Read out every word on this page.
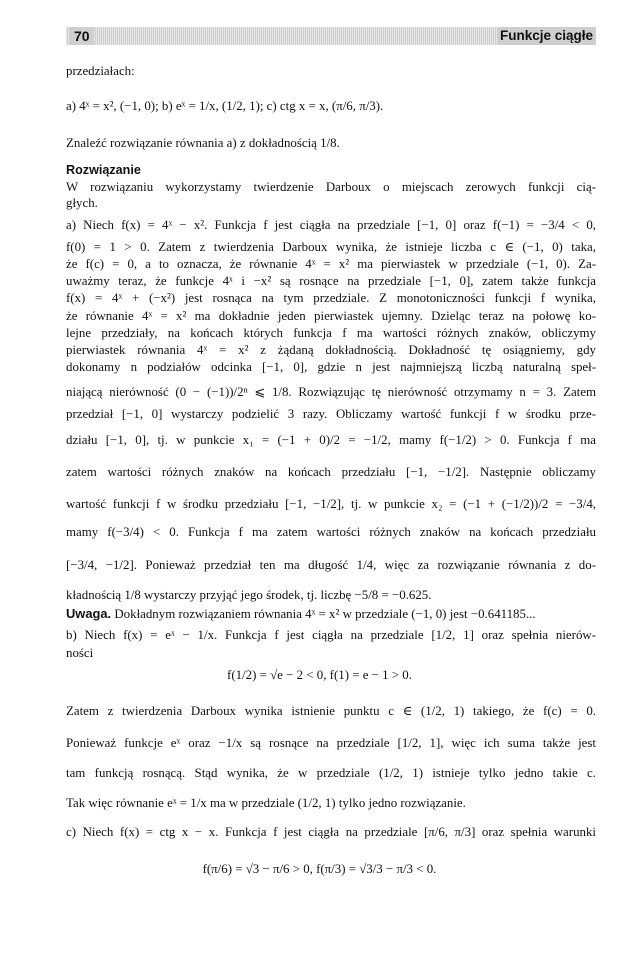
70	Funkcje ciągłe
przedziałach:
a) 4ˣ = x², (−1, 0); b) eˣ = 1/x, (1/2, 1); c) ctg x = x, (π/6, π/3).
Znaleźć rozwiązanie równania a) z dokładnością 1/8.
Rozwiązanie
W rozwiązaniu wykorzystamy twierdzenie Darboux o miejscach zerowych funkcji cią-
głych.
a) Niech f(x) = 4ˣ − x². Funkcja f jest ciągła na przedziale [−1, 0] oraz f(−1) = −3/4 < 0,
f(0) = 1 > 0. Zatem z twierdzenia Darboux wynika, że istnieje liczba c ∈ (−1, 0) taka,
że f(c) = 0, a to oznacza, że równanie 4ˣ = x² ma pierwiastek w przedziale (−1, 0). Za-
uważmy teraz, że funkcje 4ˣ i −x² są rosnące na przedziale [−1, 0], zatem także funkcja
f(x) = 4ˣ + (−x²) jest rosnąca na tym przedziale. Z monotoniczności funkcji f wynika,
że równanie 4ˣ = x² ma dokładnie jeden pierwiastek ujemny. Dzieląc teraz na połowę ko-
lejne przedziały, na końcach których funkcja f ma wartości różnych znaków, obliczymy
pierwiastek równania 4ˣ = x² z żądaną dokładnością. Dokładność tę osiągniemy, gdy
dokonamy n podziałów odcinka [−1, 0], gdzie n jest najmniejszą liczbą naturalną speł-
niającą nierówność (0 − (−1))/2ⁿ ⩽ 1/8. Rozwiązując tę nierówność otrzymamy n = 3. Zatem
przedział [−1, 0] wystarczy podzielić 3 razy. Obliczamy wartość funkcji f w środku prze-
działu [−1, 0], tj. w punkcie x₁ = (−1 + 0)/2 = −1/2, mamy f(−1/2) > 0. Funkcja f ma
zatem wartości różnych znaków na końcach przedziału [−1, −1/2]. Następnie obliczamy
wartość funkcji f w środku przedziału [−1, −1/2], tj. w punkcie x₂ = (−1 + (−1/2))/2 = −3/4,
mamy f(−3/4) < 0. Funkcja f ma zatem wartości różnych znaków na końcach przedziału
[−3/4, −1/2]. Ponieważ przedział ten ma długość 1/4, więc za rozwiązanie równania z do-
kładnością 1/8 wystarczy przyjąć jego środek, tj. liczbę −5/8 = −0.625.
Uwaga. Dokładnym rozwiązaniem równania 4ˣ = x² w przedziale (−1, 0) jest −0.641185...
b) Niech f(x) = eˣ − 1/x. Funkcja f jest ciągła na przedziale [1/2, 1] oraz spełnia nierów-
ności
f(1/2) = √e − 2 < 0, f(1) = e − 1 > 0.
Zatem z twierdzenia Darboux wynika istnienie punktu c ∈ (1/2, 1) takiego, że f(c) = 0.
Ponieważ funkcje eˣ oraz −1/x są rosnące na przedziale [1/2, 1], więc ich suma także jest
tam funkcją rosnącą. Stąd wynika, że w przedziale (1/2, 1) istnieje tylko jedno takie c.
Tak więc równanie eˣ = 1/x ma w przedziale (1/2, 1) tylko jedno rozwiązanie.
c) Niech f(x) = ctg x − x. Funkcja f jest ciągła na przedziale [π/6, π/3] oraz spełnia warunki
f(π/6) = √3 − π/6 > 0, f(π/3) = √3/3 − π/3 < 0.
